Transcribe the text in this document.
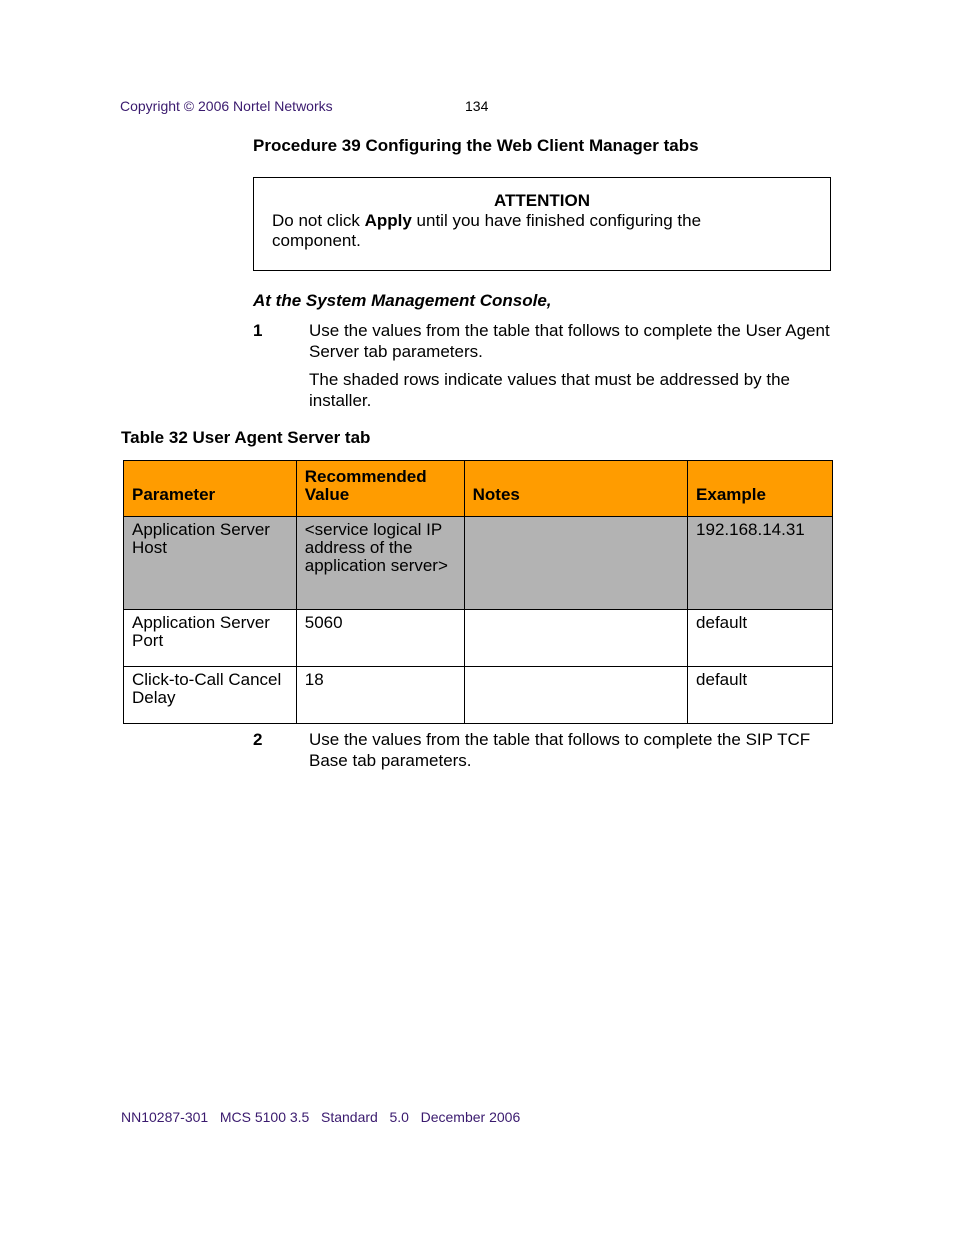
Copyright © 2006 Nortel Networks	134
Procedure 39 Configuring the Web Client Manager tabs
ATTENTION
Do not click Apply until you have finished configuring the component.
At the System Management Console,
1	Use the values from the table that follows to complete the User Agent Server tab parameters.
The shaded rows indicate values that must be addressed by the installer.
Table 32 User Agent Server tab
Parameter	Recommended Value	Notes	Example
Application Server Host	<service logical IP address of the application server>		192.168.14.31
Application Server Port	5060		default
Click-to-Call Cancel Delay	18		default
2	Use the values from the table that follows to complete the SIP TCF Base tab parameters.
NN10287-301   MCS 5100 3.5   Standard   5.0   December 2006
